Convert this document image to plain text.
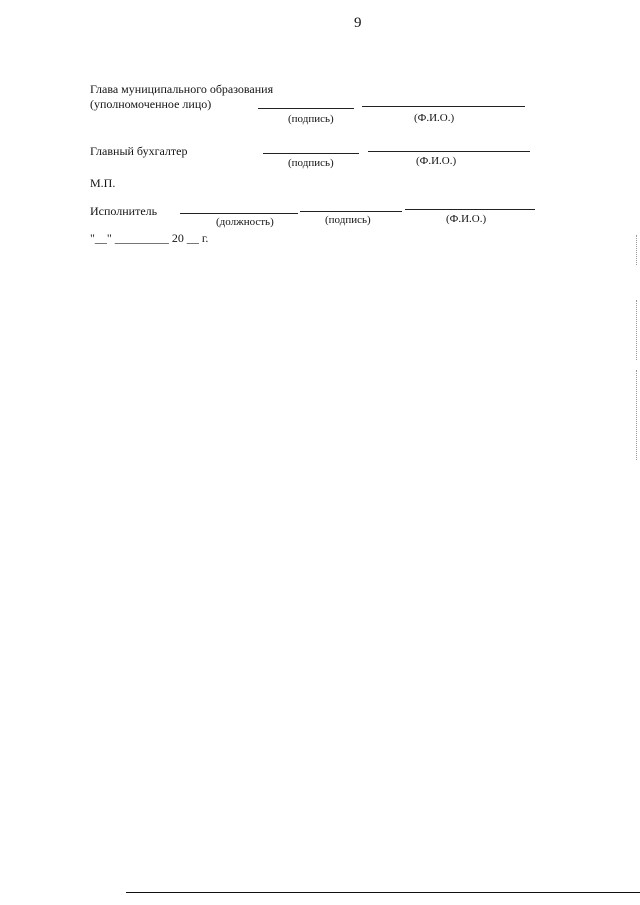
9
Глава муниципального образования
(уполномоченное лицо)
(подпись)	(Ф.И.О.)
Главный бухгалтер
(подпись)	(Ф.И.О.)
М.П.
Исполнитель
(должность)	(подпись)	(Ф.И.О.)
"__" _________ 20 __ г.
